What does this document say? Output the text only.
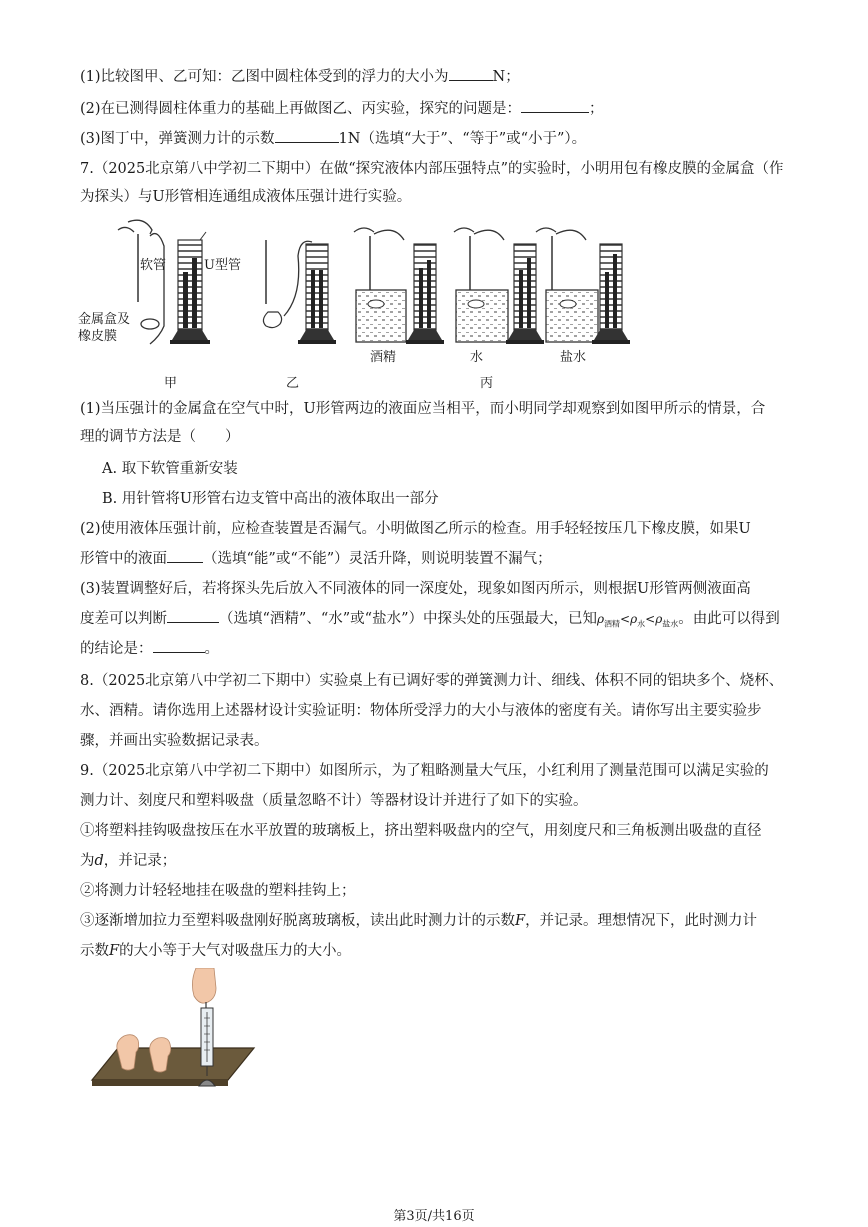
(1)比较图甲、乙可知：乙图中圆柱体受到的浮力的大小为	N；
(2)在已测得圆柱体重力的基础上再做图乙、丙实验，探究的问题是：	；
(3)图丁中，弹簧测力计的示数	1N（选填“大于”、“等于”或“小于”）。
7.（2025北京第八中学初二下期中）在做“探究液体内部压强特点”的实验时，小明用包有橡皮膜的金属盒（作
为探头）与U形管相连通组成液体压强计进行实验。
软管	U型管
金属盒及
橡皮膜
酒精	水	盐水
甲	乙	丙
(1)当压强计的金属盒在空气中时，U形管两边的液面应当相平，而小明同学却观察到如图甲所示的情景，合
理的调节方法是（　　）
A. 取下软管重新安装
B. 用针管将U形管右边支管中高出的液体取出一部分
(2)使用液体压强计前，应检查装置是否漏气。小明做图乙所示的检查。用手轻轻按压几下橡皮膜，如果U
形管中的液面 （选填“能”或“不能”）灵活升降，则说明装置不漏气；
(3)装置调整好后，若将探头先后放入不同液体的同一深度处，现象如图丙所示，则根据U形管两侧液面高
度差可以判断	（选填“酒精”、“水”或“盐水”）中探头处的压强最大，已知$\rho_{酒精}<\rho_水<\rho_{盐水}$。由此可以得到
的结论是：	。
8.（2025北京第八中学初二下期中）实验桌上有已调好零的弹簧测力计、细线、体积不同的铝块多个、烧杯、
水、酒精。请你选用上述器材设计实验证明：物体所受浮力的大小与液体的密度有关。请你写出主要实验步
骤，并画出实验数据记录表。
9.（2025北京第八中学初二下期中）如图所示，为了粗略测量大气压，小红利用了测量范围可以满足实验的
测力计、刻度尺和塑料吸盘（质量忽略不计）等器材设计并进行了如下的实验。
①将塑料挂钩吸盘按压在水平放置的玻璃板上，挤出塑料吸盘内的空气，用刻度尺和三角板测出吸盘的直径
为d，并记录；
②将测力计轻轻地挂在吸盘的塑料挂钩上；
③逐渐增加拉力至塑料吸盘刚好脱离玻璃板，读出此时测力计的示数F，并记录。理想情况下，此时测力计
示数F的大小等于大气对吸盘压力的大小。
第3页/共16页
